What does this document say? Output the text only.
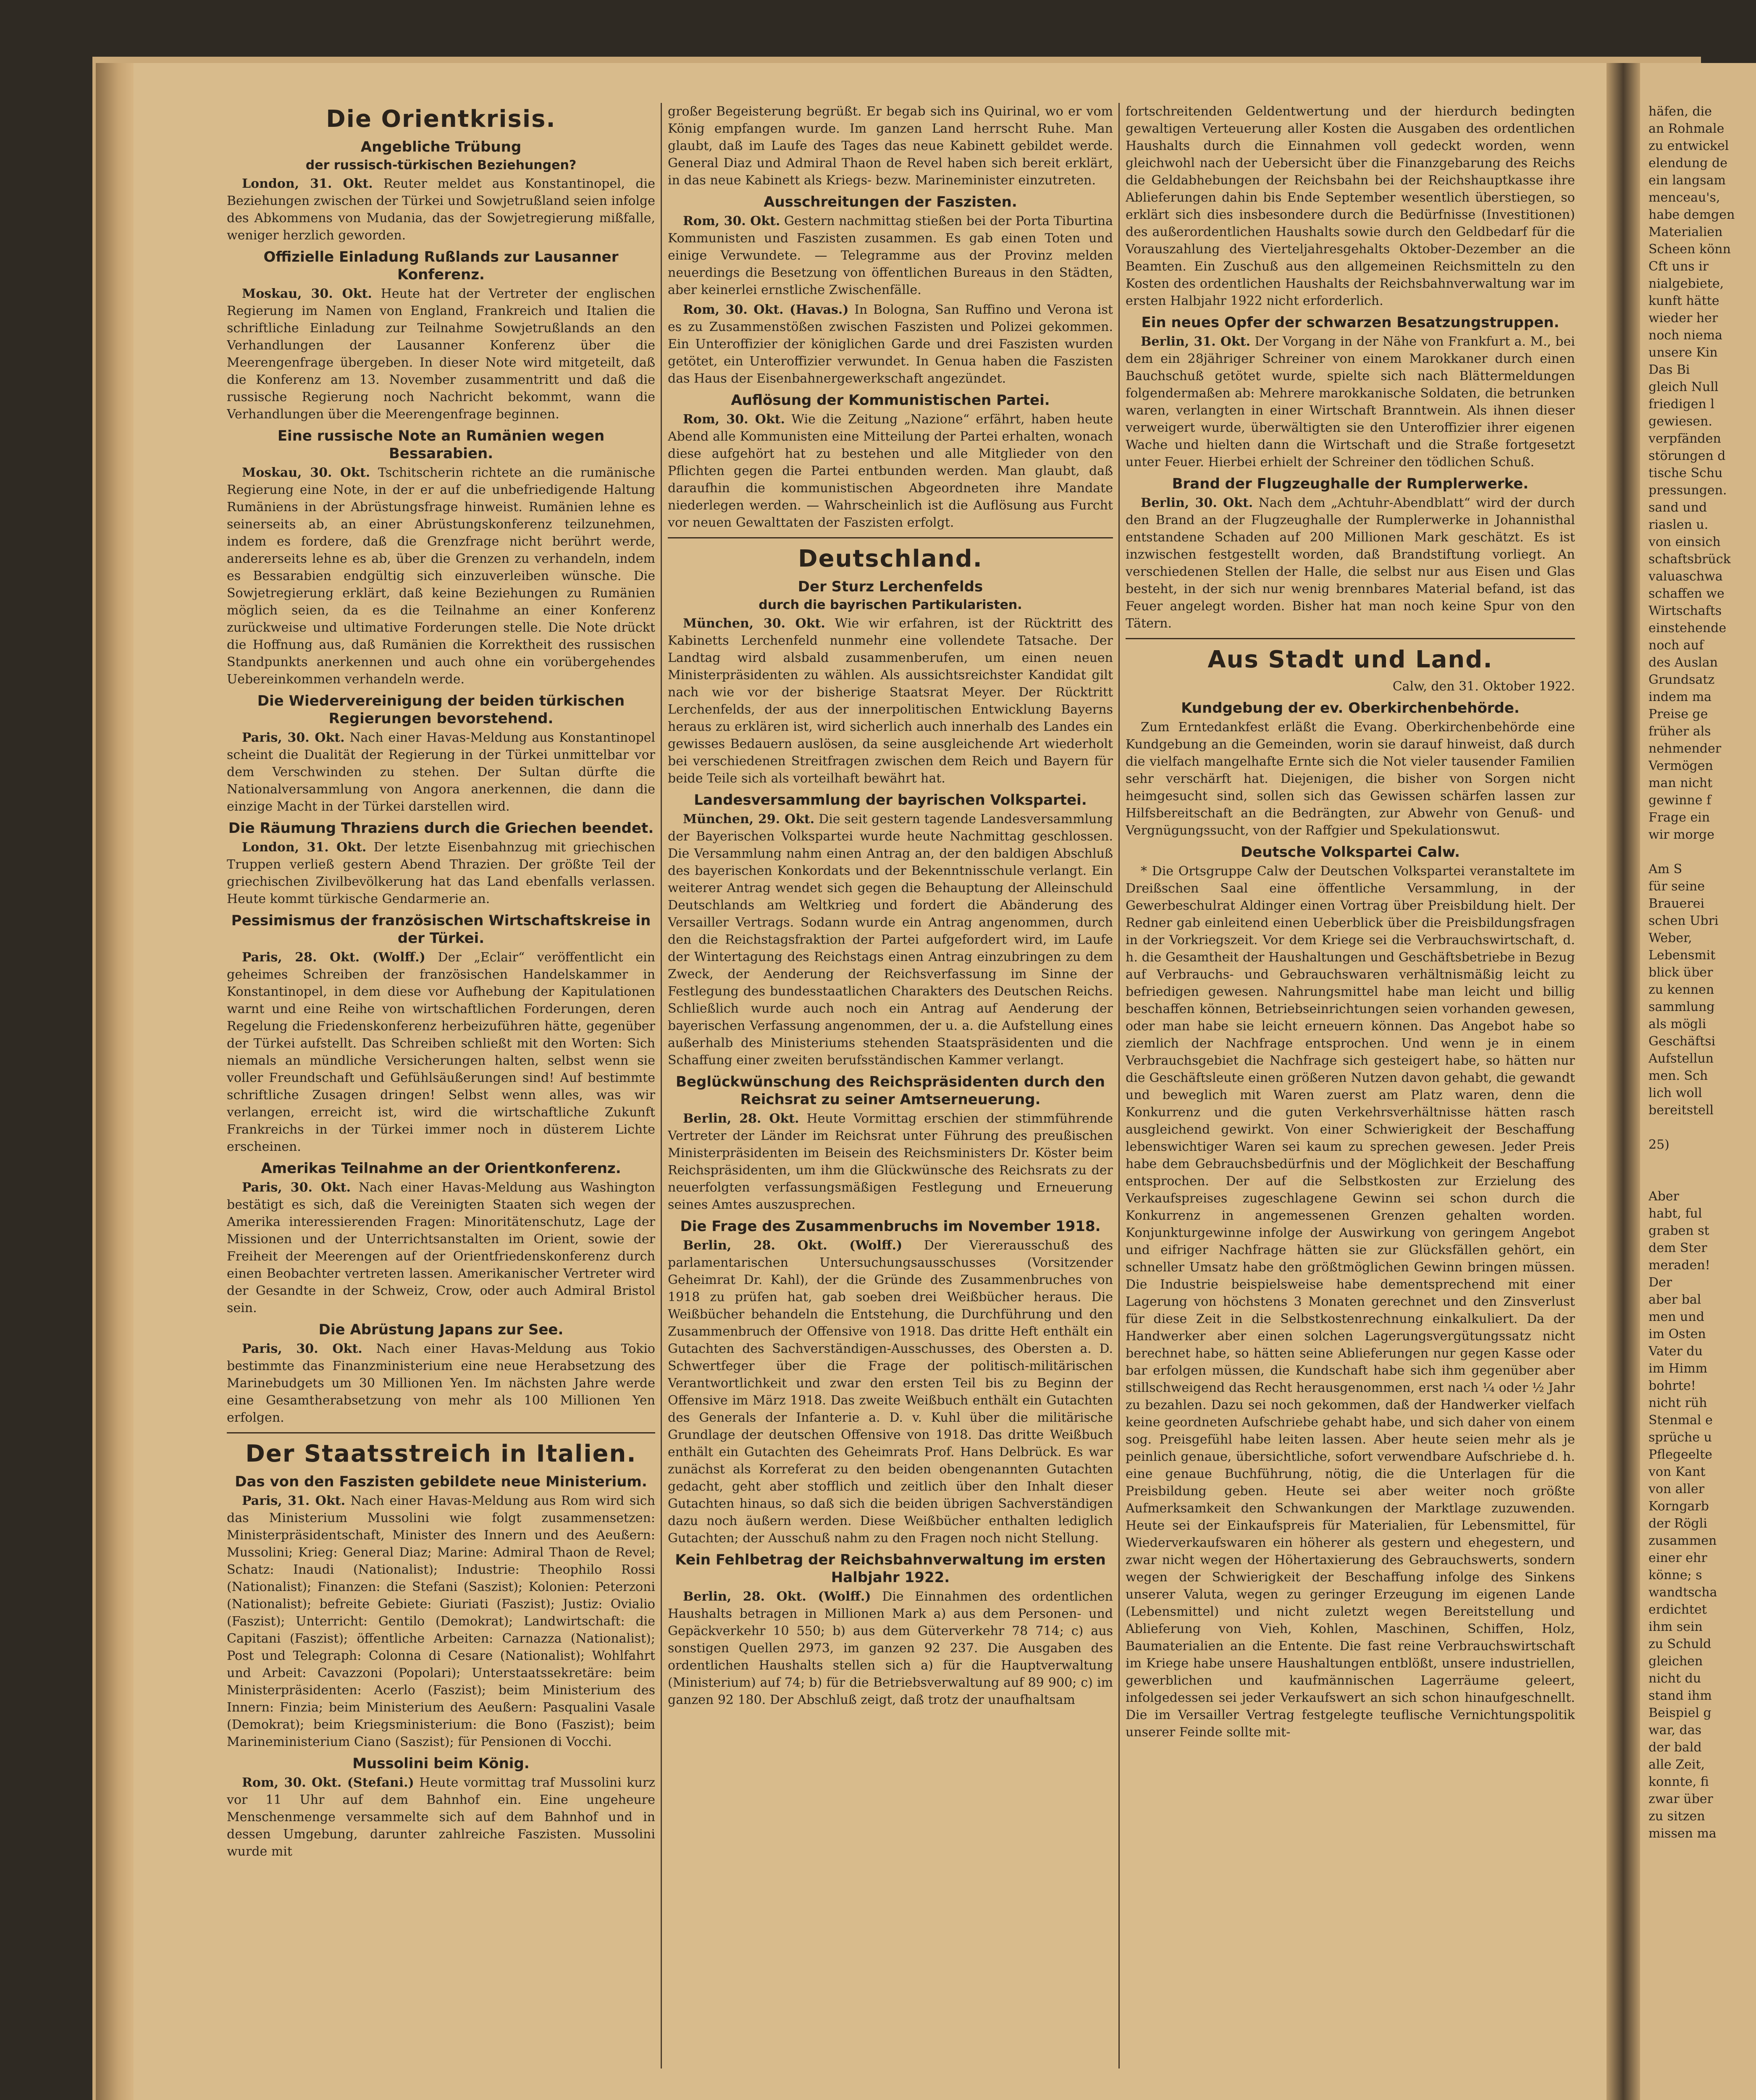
Die Orientkrisis.
Angebliche Trübung
der russisch-türkischen Beziehungen?

London, 31. Okt. Reuter meldet aus Konstantinopel, die Beziehungen zwischen der Türkei und Sowjetrußland seien infolge des Abkommens von Mudania, das der Sowjetregierung mißfalle, weniger herzlich geworden.

Offizielle Einladung Rußlands zur Lausanner Konferenz.

Moskau, 30. Okt. Heute hat der Vertreter der englischen Regierung im Namen von England, Frankreich und Italien die schriftliche Einladung zur Teilnahme Sowjetrußlands an den Verhandlungen der Lausanner Konferenz über die Meerengenfrage übergeben. In dieser Note wird mitgeteilt, daß die Konferenz am 13. November zusammentritt und daß die russische Regierung noch Nachricht bekommt, wann die Verhandlungen über die Meerengenfrage beginnen.

Eine russische Note an Rumänien wegen Bessarabien.

Moskau, 30. Okt. Tschitscherin richtete an die rumänische Regierung eine Note, in der er auf die unbefriedigende Haltung Rumäniens in der Abrüstungsfrage hinweist. Rumänien lehne es seinerseits ab, an einer Abrüstungskonferenz teilzunehmen, indem es fordere, daß die Grenzfrage nicht berührt werde, andererseits lehne es ab, über die Grenzen zu verhandeln, indem es Bessarabien endgültig sich einzuverleiben wünsche. Die Sowjetregierung erklärt, daß keine Beziehungen zu Rumänien möglich seien, da es die Teilnahme an einer Konferenz zurückweise und ultimative Forderungen stelle. Die Note drückt die Hoffnung aus, daß Rumänien die Korrektheit des russischen Standpunkts anerkennen und auch ohne ein vorübergehendes Uebereinkommen verhandeln werde.

Die Wiedervereinigung der beiden türkischen Regierungen bevorstehend.

Paris, 30. Okt. Nach einer Havas-Meldung aus Konstantinopel scheint die Dualität der Regierung in der Türkei unmittelbar vor dem Verschwinden zu stehen. Der Sultan dürfte die Nationalversammlung von Angora anerkennen, die dann die einzige Macht in der Türkei darstellen wird.

Die Räumung Thraziens durch die Griechen beendet.

London, 31. Okt. Der letzte Eisenbahnzug mit griechischen Truppen verließ gestern Abend Thrazien. Der größte Teil der griechischen Zivilbevölkerung hat das Land ebenfalls verlassen. Heute kommt türkische Gendarmerie an.

Pessimismus der französischen Wirtschaftskreise in der Türkei.

Paris, 28. Okt. (Wolff.) Der „Eclair“ veröffentlicht ein geheimes Schreiben der französischen Handelskammer in Konstantinopel, in dem diese vor Aufhebung der Kapitulationen warnt und eine Reihe von wirtschaftlichen Forderungen, deren Regelung die Friedenskonferenz herbeizuführen hätte, gegenüber der Türkei aufstellt. Das Schreiben schließt mit den Worten: Sich niemals an mündliche Versicherungen halten, selbst wenn sie voller Freundschaft und Gefühlsäußerungen sind! Auf bestimmte schriftliche Zusagen dringen! Selbst wenn alles, was wir verlangen, erreicht ist, wird die wirtschaftliche Zukunft Frankreichs in der Türkei immer noch in düsterem Lichte erscheinen.

Amerikas Teilnahme an der Orientkonferenz.

Paris, 30. Okt. Nach einer Havas-Meldung aus Washington bestätigt es sich, daß die Vereinigten Staaten sich wegen der Amerika interessierenden Fragen: Minoritätenschutz, Lage der Missionen und der Unterrichtsanstalten im Orient, sowie der Freiheit der Meerengen auf der Orientfriedenskonferenz durch einen Beobachter vertreten lassen. Amerikanischer Vertreter wird der Gesandte in der Schweiz, Crow, oder auch Admiral Bristol sein.

Die Abrüstung Japans zur See.

Paris, 30. Okt. Nach einer Havas-Meldung aus Tokio bestimmte das Finanzministerium eine neue Herabsetzung des Marinebudgets um 30 Millionen Yen. Im nächsten Jahre werde eine Gesamtherabsetzung von mehr als 100 Millionen Yen erfolgen.

Der Staatsstreich in Italien.
Das von den Faszisten gebildete neue Ministerium.

Paris, 31. Okt. Nach einer Havas-Meldung aus Rom wird sich das Ministerium Mussolini wie folgt zusammensetzen: Ministerpräsidentschaft, Minister des Innern und des Aeußern: Mussolini; Krieg: General Diaz; Marine: Admiral Thaon de Revel; Schatz: Inaudi (Nationalist); Industrie: Theophilo Rossi (Nationalist); Finanzen: die Stefani (Saszist); Kolonien: Peterzoni (Nationalist); befreite Gebiete: Giuriati (Faszist); Justiz: Ovialio (Faszist); Unterricht: Gentilo (Demokrat); Landwirtschaft: die Capitani (Faszist); öffentliche Arbeiten: Carnazza (Nationalist); Post und Telegraph: Colonna di Cesare (Nationalist); Wohlfahrt und Arbeit: Cavazzoni (Popolari); Unterstaatssekretäre: beim Ministerpräsidenten: Acerlo (Faszist); beim Ministerium des Innern: Finzia; beim Ministerium des Aeußern: Pasqualini Vasale (Demokrat); beim Kriegsministerium: die Bono (Faszist); beim Marineministerium Ciano (Saszist); für Pensionen di Vocchi.

Mussolini beim König.

Rom, 30. Okt. (Stefani.) Heute vormittag traf Mussolini kurz vor 11 Uhr auf dem Bahnhof ein. Eine ungeheure Menschenmenge versammelte sich auf dem Bahnhof und in dessen Umgebung, darunter zahlreiche Faszisten. Mussolini wurde mit

großer Begeisterung begrüßt. Er begab sich ins Quirinal, wo er vom König empfangen wurde. Im ganzen Land herrscht Ruhe. Man glaubt, daß im Laufe des Tages das neue Kabinett gebildet werde. General Diaz und Admiral Thaon de Revel haben sich bereit erklärt, in das neue Kabinett als Kriegs- bezw. Marineminister einzutreten.

Ausschreitungen der Faszisten.

Rom, 30. Okt. Gestern nachmittag stießen bei der Porta Tiburtina Kommunisten und Faszisten zusammen. Es gab einen Toten und einige Verwundete. — Telegramme aus der Provinz melden neuerdings die Besetzung von öffentlichen Bureaus in den Städten, aber keinerlei ernstliche Zwischenfälle.

Rom, 30. Okt. (Havas.) In Bologna, San Ruffino und Verona ist es zu Zusammenstößen zwischen Faszisten und Polizei gekommen. Ein Unteroffizier der königlichen Garde und drei Faszisten wurden getötet, ein Unteroffizier verwundet. In Genua haben die Faszisten das Haus der Eisenbahnergewerkschaft angezündet.

Auflösung der Kommunistischen Partei.

Rom, 30. Okt. Wie die Zeitung „Nazione“ erfährt, haben heute Abend alle Kommunisten eine Mitteilung der Partei erhalten, wonach diese aufgehört hat zu bestehen und alle Mitglieder von den Pflichten gegen die Partei entbunden werden. Man glaubt, daß daraufhin die kommunistischen Abgeordneten ihre Mandate niederlegen werden. — Wahrscheinlich ist die Auflösung aus Furcht vor neuen Gewalttaten der Faszisten erfolgt.

Deutschland.
Der Sturz Lerchenfelds
durch die bayrischen Partikularisten.

München, 30. Okt. Wie wir erfahren, ist der Rücktritt des Kabinetts Lerchenfeld nunmehr eine vollendete Tatsache. Der Landtag wird alsbald zusammenberufen, um einen neuen Ministerpräsidenten zu wählen. Als aussichtsreichster Kandidat gilt nach wie vor der bisherige Staatsrat Meyer. Der Rücktritt Lerchenfelds, der aus der innerpolitischen Entwicklung Bayerns heraus zu erklären ist, wird sicherlich auch innerhalb des Landes ein gewisses Bedauern auslösen, da seine ausgleichende Art wiederholt bei verschiedenen Streitfragen zwischen dem Reich und Bayern für beide Teile sich als vorteilhaft bewährt hat.

Landesversammlung der bayrischen Volkspartei.

München, 29. Okt. Die seit gestern tagende Landesversammlung der Bayerischen Volkspartei wurde heute Nachmittag geschlossen. Die Versammlung nahm einen Antrag an, der den baldigen Abschluß des bayerischen Konkordats und der Bekenntnisschule verlangt. Ein weiterer Antrag wendet sich gegen die Behauptung der Alleinschuld Deutschlands am Weltkrieg und fordert die Abänderung des Versailler Vertrags. Sodann wurde ein Antrag angenommen, durch den die Reichstagsfraktion der Partei aufgefordert wird, im Laufe der Wintertagung des Reichstags einen Antrag einzubringen zu dem Zweck, der Aenderung der Reichsverfassung im Sinne der Festlegung des bundesstaatlichen Charakters des Deutschen Reichs. Schließlich wurde auch noch ein Antrag auf Aenderung der bayerischen Verfassung angenommen, der u. a. die Aufstellung eines außerhalb des Ministeriums stehenden Staatspräsidenten und die Schaffung einer zweiten berufsständischen Kammer verlangt.

Beglückwünschung des Reichspräsidenten durch den Reichsrat zu seiner Amtserneuerung.

Berlin, 28. Okt. Heute Vormittag erschien der stimmführende Vertreter der Länder im Reichsrat unter Führung des preußischen Ministerpräsidenten im Beisein des Reichsministers Dr. Köster beim Reichspräsidenten, um ihm die Glückwünsche des Reichsrats zu der neuerfolgten verfassungsmäßigen Festlegung und Erneuerung seines Amtes auszusprechen.

Die Frage des Zusammenbruchs im November 1918.

Berlin, 28. Okt. (Wolff.) Der Viererausschuß des parlamentarischen Untersuchungsausschusses (Vorsitzender Geheimrat Dr. Kahl), der die Gründe des Zusammenbruches von 1918 zu prüfen hat, gab soeben drei Weißbücher heraus. Die Weißbücher behandeln die Entstehung, die Durchführung und den Zusammenbruch der Offensive von 1918. Das dritte Heft enthält ein Gutachten des Sachverständigen-Ausschusses, des Obersten a. D. Schwertfeger über die Frage der politisch-militärischen Verantwortlichkeit und zwar den ersten Teil bis zu Beginn der Offensive im März 1918. Das zweite Weißbuch enthält ein Gutachten des Generals der Infanterie a. D. v. Kuhl über die militärische Grundlage der deutschen Offensive von 1918. Das dritte Weißbuch enthält ein Gutachten des Geheimrats Prof. Hans Delbrück. Es war zunächst als Korreferat zu den beiden obengenannten Gutachten gedacht, geht aber stofflich und zeitlich über den Inhalt dieser Gutachten hinaus, so daß sich die beiden übrigen Sachverständigen dazu noch äußern werden. Diese Weißbücher enthalten lediglich Gutachten; der Ausschuß nahm zu den Fragen noch nicht Stellung.

Kein Fehlbetrag der Reichsbahnverwaltung im ersten Halbjahr 1922.

Berlin, 28. Okt. (Wolff.) Die Einnahmen des ordentlichen Haushalts betragen in Millionen Mark a) aus dem Personen- und Gepäckverkehr 10 550; b) aus dem Güterverkehr 78 714; c) aus sonstigen Quellen 2973, im ganzen 92 237. Die Ausgaben des ordentlichen Haushalts stellen sich a) für die Hauptverwaltung (Ministerium) auf 74; b) für die Betriebsverwaltung auf 89 900; c) im ganzen 92 180. Der Abschluß zeigt, daß trotz der unaufhaltsam

fortschreitenden Geldentwertung und der hierdurch bedingten gewaltigen Verteuerung aller Kosten die Ausgaben des ordentlichen Haushalts durch die Einnahmen voll gedeckt worden, wenn gleichwohl nach der Uebersicht über die Finanzgebarung des Reichs die Geldabhebungen der Reichsbahn bei der Reichshauptkasse ihre Ablieferungen dahin bis Ende September wesentlich überstiegen, so erklärt sich dies insbesondere durch die Bedürfnisse (Investitionen) des außerordentlichen Haushalts sowie durch den Geldbedarf für die Vorauszahlung des Vierteljahresgehalts Oktober-Dezember an die Beamten. Ein Zuschuß aus den allgemeinen Reichsmitteln zu den Kosten des ordentlichen Haushalts der Reichsbahnverwaltung war im ersten Halbjahr 1922 nicht erforderlich.

Ein neues Opfer der schwarzen Besatzungstruppen.

Berlin, 31. Okt. Der Vorgang in der Nähe von Frankfurt a. M., bei dem ein 28jähriger Schreiner von einem Marokkaner durch einen Bauchschuß getötet wurde, spielte sich nach Blättermeldungen folgendermaßen ab: Mehrere marokkanische Soldaten, die betrunken waren, verlangten in einer Wirtschaft Branntwein. Als ihnen dieser verweigert wurde, überwältigten sie den Unteroffizier ihrer eigenen Wache und hielten dann die Wirtschaft und die Straße fortgesetzt unter Feuer. Hierbei erhielt der Schreiner den tödlichen Schuß.

Brand der Flugzeughalle der Rumplerwerke.

Berlin, 30. Okt. Nach dem „Achtuhr-Abendblatt“ wird der durch den Brand an der Flugzeughalle der Rumplerwerke in Johannisthal entstandene Schaden auf 200 Millionen Mark geschätzt. Es ist inzwischen festgestellt worden, daß Brandstiftung vorliegt. An verschiedenen Stellen der Halle, die selbst nur aus Eisen und Glas besteht, in der sich nur wenig brennbares Material befand, ist das Feuer angelegt worden. Bisher hat man noch keine Spur von den Tätern.

Aus Stadt und Land.
Calw, den 31. Oktober 1922.
Kundgebung der ev. Oberkirchenbehörde.

Zum Erntedankfest erläßt die Evang. Oberkirchenbehörde eine Kundgebung an die Gemeinden, worin sie darauf hinweist, daß durch die vielfach mangelhafte Ernte sich die Not vieler tausender Familien sehr verschärft hat. Diejenigen, die bisher von Sorgen nicht heimgesucht sind, sollen sich das Gewissen schärfen lassen zur Hilfsbereitschaft an die Bedrängten, zur Abwehr von Genuß- und Vergnügungssucht, von der Raffgier und Spekulationswut.

Deutsche Volkspartei Calw.

* Die Ortsgruppe Calw der Deutschen Volkspartei veranstaltete im Dreißschen Saal eine öffentliche Versammlung, in der Gewerbeschulrat Aldinger einen Vortrag über Preisbildung hielt. Der Redner gab einleitend einen Ueberblick über die Preisbildungsfragen in der Vorkriegszeit. Vor dem Kriege sei die Verbrauchswirtschaft, d. h. die Gesamtheit der Haushaltungen und Geschäftsbetriebe in Bezug auf Verbrauchs- und Gebrauchswaren verhältnismäßig leicht zu befriedigen gewesen. Nahrungsmittel habe man leicht und billig beschaffen können, Betriebseinrichtungen seien vorhanden gewesen, oder man habe sie leicht erneuern können. Das Angebot habe so ziemlich der Nachfrage entsprochen. Und wenn je in einem Verbrauchsgebiet die Nachfrage sich gesteigert habe, so hätten nur die Geschäftsleute einen größeren Nutzen davon gehabt, die gewandt und beweglich mit Waren zuerst am Platz waren, denn die Konkurrenz und die guten Verkehrsverhältnisse hätten rasch ausgleichend gewirkt. Von einer Schwierigkeit der Beschaffung lebenswichtiger Waren sei kaum zu sprechen gewesen. Jeder Preis habe dem Gebrauchsbedürfnis und der Möglichkeit der Beschaffung entsprochen. Der auf die Selbstkosten zur Erzielung des Verkaufspreises zugeschlagene Gewinn sei schon durch die Konkurrenz in angemessenen Grenzen gehalten worden. Konjunkturgewinne infolge der Auswirkung von geringem Angebot und eifriger Nachfrage hätten sie zur Glücksfällen gehört, ein schneller Umsatz habe den größtmöglichen Gewinn bringen müssen. Die Industrie beispielsweise habe dementsprechend mit einer Lagerung von höchstens 3 Monaten gerechnet und den Zinsverlust für diese Zeit in die Selbstkostenrechnung einkalkuliert. Da der Handwerker aber einen solchen Lagerungsvergütungssatz nicht berechnet habe, so hätten seine Ablieferungen nur gegen Kasse oder bar erfolgen müssen, die Kundschaft habe sich ihm gegenüber aber stillschweigend das Recht herausgenommen, erst nach ¼ oder ½ Jahr zu bezahlen. Dazu sei noch gekommen, daß der Handwerker vielfach keine geordneten Aufschriebe gehabt habe, und sich daher von einem sog. Preisgefühl habe leiten lassen. Aber heute seien mehr als je peinlich genaue, übersichtliche, sofort verwendbare Aufschriebe d. h. eine genaue Buchführung, nötig, die die Unterlagen für die Preisbildung geben. Heute sei aber weiter noch größte Aufmerksamkeit den Schwankungen der Marktlage zuzuwenden. Heute sei der Einkaufspreis für Materialien, für Lebensmittel, für Wiederverkaufswaren ein höherer als gestern und ehegestern, und zwar nicht wegen der Höhertaxierung des Gebrauchswerts, sondern wegen der Schwierigkeit der Beschaffung infolge des Sinkens unserer Valuta, wegen zu geringer Erzeugung im eigenen Lande (Lebensmittel) und nicht zuletzt wegen Bereitstellung und Ablieferung von Vieh, Kohlen, Maschinen, Schiffen, Holz, Baumaterialien an die Entente. Die fast reine Verbrauchswirtschaft im Kriege habe unsere Haushaltungen entblößt, unsere industriellen, gewerblichen und kaufmännischen Lagerräume geleert, infolgedessen sei jeder Verkaufswert an sich schon hinaufgeschnellt. Die im Versailler Vertrag festgelegte teuflische Vernichtungspolitik unserer Feinde sollte mit-

häfen, die
an Rohmale
zu entwickel
elendung de
ein langsam
menceau's,
habe demgen
Materialien
Scheen könn
Cft uns ir
nialgebiete,
kunft hätte
wieder her
noch niema
unsere Kin
Das Bi
gleich Null
friedigen l
gewiesen.
verpfänden
störungen d
tische Schu
pressungen.
sand und
riaslen u.
von einsich
schaftsbrück
valuaschwa
schaffen we
Wirtschafts
einstehende
noch auf
des Auslan
Grundsatz
indem ma
Preise ge
früher als
nehmender
Vermögen
man nicht
gewinne f
Frage ein
wir morge

Am S
für seine
Brauerei
schen Ubri
Weber,
Lebensmit
blick über
zu kennen
sammlung
als mögli
Geschäftsi
Aufstellun
men. Sch
lich woll
bereitstell

25)

Aber
habt, ful
graben st
dem Ster
meraden!
Der
aber bal
men und
im Osten
Vater du
im Himm
bohrte!
nicht rüh
Stenmal e
sprüche u
Pflegeelte
von Kant
von aller
Korngarb
der Rögli
zusammen
einer ehr
könne; s
wandtscha
erdichtet
ihm sein
zu Schuld
gleichen
nicht du
stand ihm
Beispiel g
war, das
der bald
alle Zeit,
konnte, fi
zwar über
zu sitzen
missen ma
